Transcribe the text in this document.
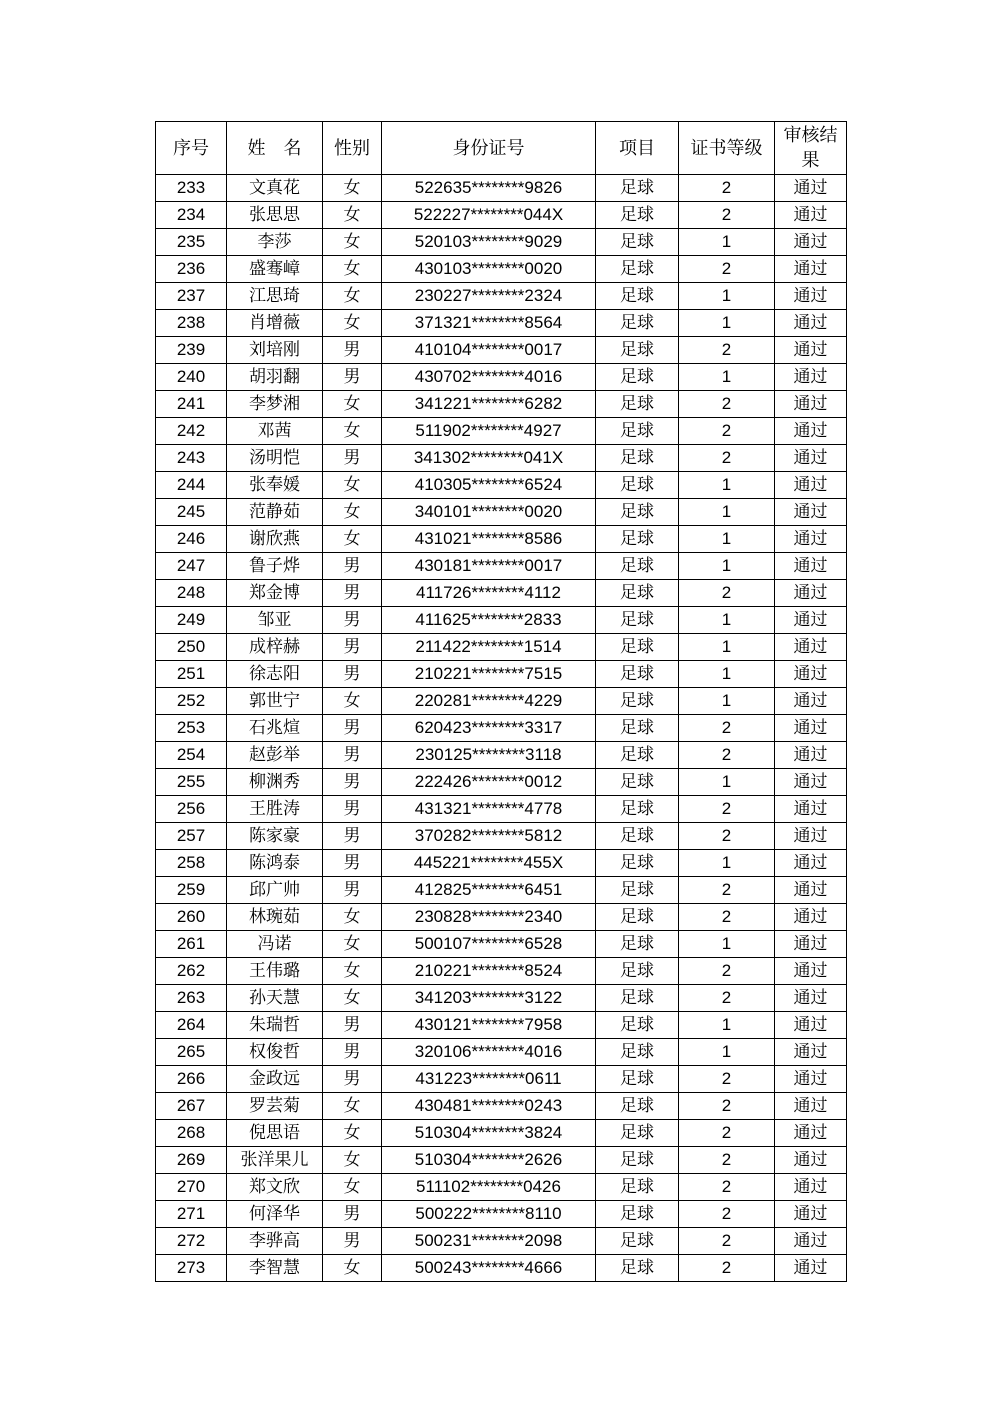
序号	姓　名	性别	身份证号	项目	证书等级	审核结果
233	文真花	女	522635********9826	足球	2	通过
234	张思思	女	522227********044X	足球	2	通过
235	李莎	女	520103********9029	足球	1	通过
236	盛骞嶂	女	430103********0020	足球	2	通过
237	江思琦	女	230227********2324	足球	1	通过
238	肖增薇	女	371321********8564	足球	1	通过
239	刘培刚	男	410104********0017	足球	2	通过
240	胡羽翻	男	430702********4016	足球	1	通过
241	李梦湘	女	341221********6282	足球	2	通过
242	邓茜	女	511902********4927	足球	2	通过
243	汤明恺	男	341302********041X	足球	2	通过
244	张奉媛	女	410305********6524	足球	1	通过
245	范静茹	女	340101********0020	足球	1	通过
246	谢欣燕	女	431021********8586	足球	1	通过
247	鲁子烨	男	430181********0017	足球	1	通过
248	郑金博	男	411726********4112	足球	2	通过
249	邹亚	男	411625********2833	足球	1	通过
250	成梓赫	男	211422********1514	足球	1	通过
251	徐志阳	男	210221********7515	足球	1	通过
252	郭世宁	女	220281********4229	足球	1	通过
253	石兆煊	男	620423********3317	足球	2	通过
254	赵彭举	男	230125********3118	足球	2	通过
255	柳渊秀	男	222426********0012	足球	1	通过
256	王胜涛	男	431321********4778	足球	2	通过
257	陈家豪	男	370282********5812	足球	2	通过
258	陈鸿泰	男	445221********455X	足球	1	通过
259	邱广帅	男	412825********6451	足球	2	通过
260	林琬茹	女	230828********2340	足球	2	通过
261	冯诺	女	500107********6528	足球	1	通过
262	王伟璐	女	210221********8524	足球	2	通过
263	孙天慧	女	341203********3122	足球	2	通过
264	朱瑞哲	男	430121********7958	足球	1	通过
265	权俊哲	男	320106********4016	足球	1	通过
266	金政远	男	431223********0611	足球	2	通过
267	罗芸菊	女	430481********0243	足球	2	通过
268	倪思语	女	510304********3824	足球	2	通过
269	张洋果儿	女	510304********2626	足球	2	通过
270	郑文欣	女	511102********0426	足球	2	通过
271	何泽华	男	500222********8110	足球	2	通过
272	李骅高	男	500231********2098	足球	2	通过
273	李智慧	女	500243********4666	足球	2	通过
